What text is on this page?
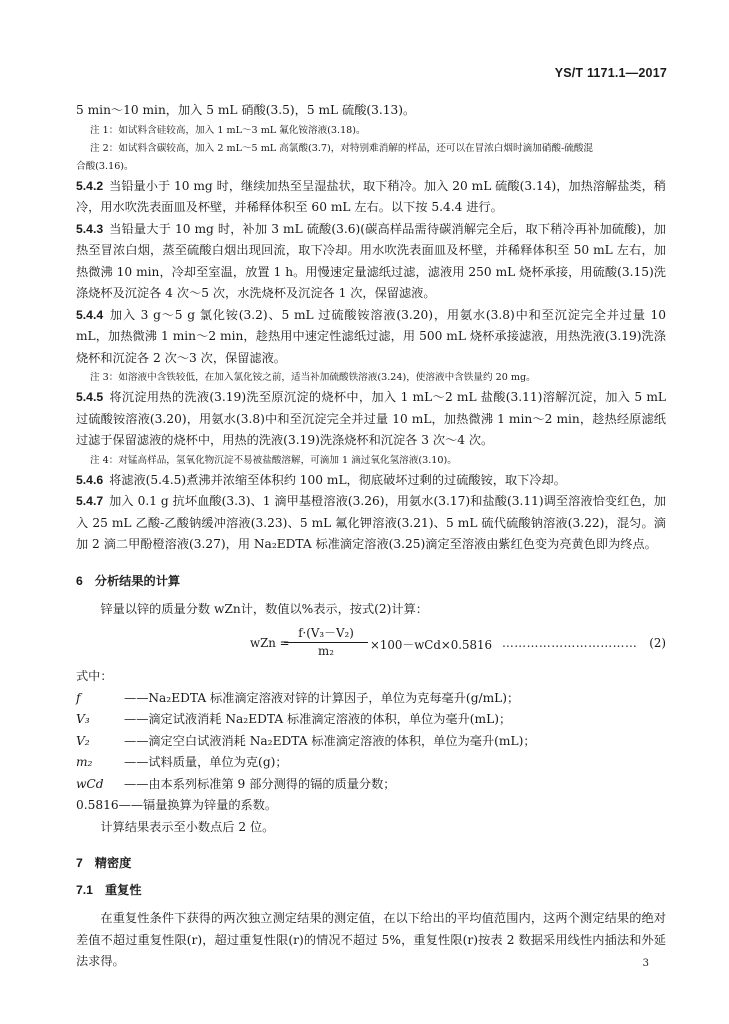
YS/T 1171.1—2017

5 min～10 min，加入 5 mL 硝酸(3.5)，5 mL 硫酸(3.13)。

注 1：如试料含硅较高，加入 1 mL～3 mL 氟化铵溶液(3.18)。

注 2：如试料含碳较高，加入 2 mL～5 mL 高氯酸(3.7)，对特别难消解的样品，还可以在冒浓白烟时滴加硝酸-硫酸混

合酸(3.16)。

5.4.2 当铅量小于 10 mg 时，继续加热至呈湿盐状，取下稍冷。加入 20 mL 硫酸(3.14)，加热溶解盐类，稍冷，用水吹洗表面皿及杯壁，并稀释体积至 60 mL 左右。以下按 5.4.4 进行。

5.4.3 当铅量大于 10 mg 时，补加 3 mL 硫酸(3.6)(碳高样品需待碳消解完全后，取下稍冷再补加硫酸)，加热至冒浓白烟，蒸至硫酸白烟出现回流，取下冷却。用水吹洗表面皿及杯壁，并稀释体积至 50 mL 左右，加热微沸 10 min，冷却至室温，放置 1 h。用慢速定量滤纸过滤，滤液用 250 mL 烧杯承接，用硫酸(3.15)洗涤烧杯及沉淀各 4 次～5 次，水洗烧杯及沉淀各 1 次，保留滤液。

5.4.4 加入 3 g～5 g 氯化铵(3.2)、5 mL 过硫酸铵溶液(3.20)，用氨水(3.8)中和至沉淀完全并过量 10 mL，加热微沸 1 min～2 min，趁热用中速定性滤纸过滤，用 500 mL 烧杯承接滤液，用热洗液(3.19)洗涤烧杯和沉淀各 2 次～3 次，保留滤液。

注 3：如溶液中含铁较低，在加入氯化铵之前，适当补加硫酸铁溶液(3.24)，使溶液中含铁量约 20 mg。

5.4.5 将沉淀用热的洗液(3.19)洗至原沉淀的烧杯中，加入 1 mL～2 mL 盐酸(3.11)溶解沉淀，加入 5 mL 过硫酸铵溶液(3.20)，用氨水(3.8)中和至沉淀完全并过量 10 mL，加热微沸 1 min～2 min，趁热经原滤纸过滤于保留滤液的烧杯中，用热的洗液(3.19)洗涤烧杯和沉淀各 3 次～4 次。

注 4：对锰高样品，氢氧化物沉淀不易被盐酸溶解，可滴加 1 滴过氧化氢溶液(3.10)。

5.4.6 将滤液(5.4.5)煮沸并浓缩至体积约 100 mL，彻底破坏过剩的过硫酸铵，取下冷却。

5.4.7 加入 0.1 g 抗坏血酸(3.3)、1 滴甲基橙溶液(3.26)，用氨水(3.17)和盐酸(3.11)调至溶液恰变红色，加入 25 mL 乙酸-乙酸钠缓冲溶液(3.23)、5 mL 氟化钾溶液(3.21)、5 mL 硫代硫酸钠溶液(3.22)，混匀。滴加 2 滴二甲酚橙溶液(3.27)，用 Na₂EDTA 标准滴定溶液(3.25)滴定至溶液由紫红色变为亮黄色即为终点。

6 分析结果的计算

锌量以锌的质量分数 wZn计，数值以%表示，按式(2)计算：

wZn =
$\frac{\text{f·(V₃－V₂)}}{\text{m₂}} \times 100-wCd\times 0.5816$ …………………………… (2)

式中：

f	——Na₂EDTA 标准滴定溶液对锌的计算因子，单位为克每毫升(g/mL)；
V₃	——滴定试液消耗 Na₂EDTA 标准滴定溶液的体积，单位为毫升(mL)；
V₂	——滴定空白试液消耗 Na₂EDTA 标准滴定溶液的体积，单位为毫升(mL)；
m₂	——试料质量，单位为克(g)；
wCd	——由本系列标准第 9 部分测得的镉的质量分数；
0.5816 ——镉量换算为锌量的系数。

计算结果表示至小数点后 2 位。

7 精密度
7.1 重复性

在重复性条件下获得的两次独立测定结果的测定值，在以下给出的平均值范围内，这两个测定结果的绝对差值不超过重复性限(r)，超过重复性限(r)的情况不超过 5%，重复性限(r)按表 2 数据采用线性内插法和外延法求得。	3
